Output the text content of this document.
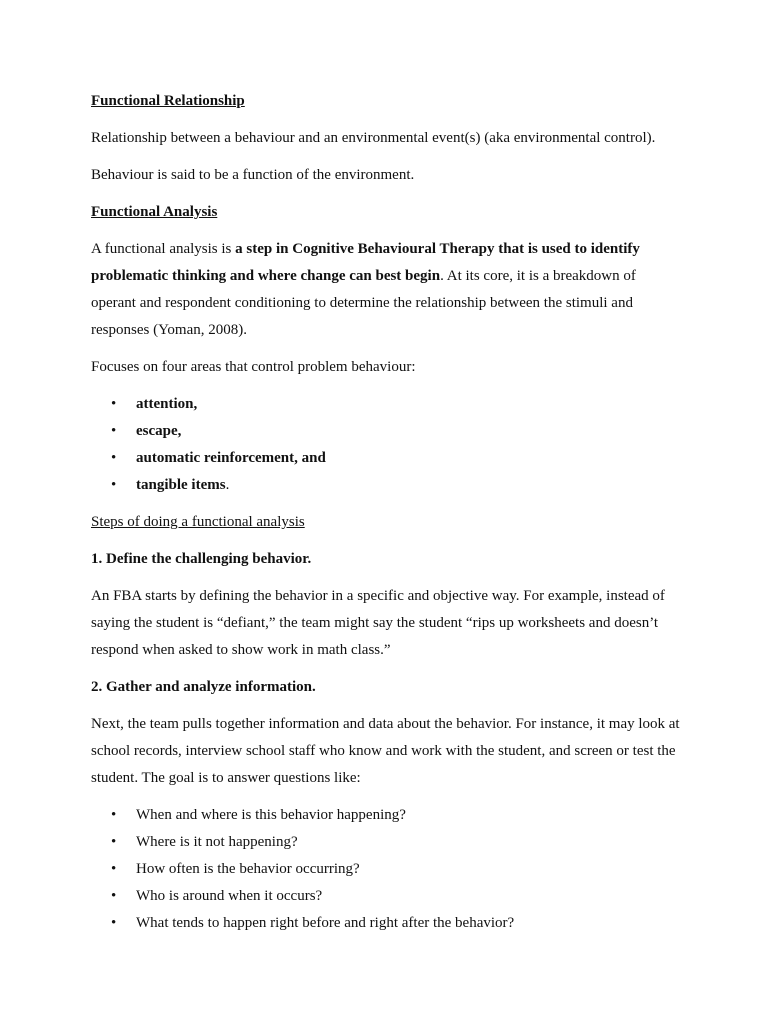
Functional Relationship

Relationship between a behaviour and an environmental event(s) (aka environmental control).

Behaviour is said to be a function of the environment.

Functional Analysis

A functional analysis is a step in Cognitive Behavioural Therapy that is used to identify problematic thinking and where change can best begin. At its core, it is a breakdown of operant and respondent conditioning to determine the relationship between the stimuli and responses (Yoman, 2008).

Focuses on four areas that control problem behaviour:

• attention,
• escape,
• automatic reinforcement, and
• tangible items.

Steps of doing a functional analysis

1. Define the challenging behavior.

An FBA starts by defining the behavior in a specific and objective way. For example, instead of saying the student is “defiant,” the team might say the student “rips up worksheets and doesn’t respond when asked to show work in math class.”

2. Gather and analyze information.

Next, the team pulls together information and data about the behavior. For instance, it may look at school records, interview school staff who know and work with the student, and screen or test the student. The goal is to answer questions like:

• When and where is this behavior happening?
• Where is it not happening?
• How often is the behavior occurring?
• Who is around when it occurs?
• What tends to happen right before and right after the behavior?
